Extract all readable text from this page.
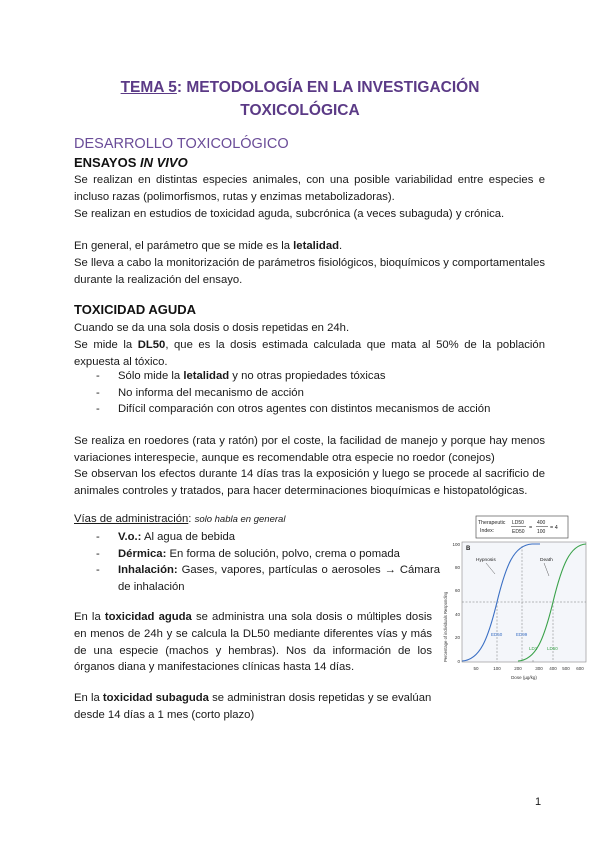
TEMA 5: METODOLOGÍA EN LA INVESTIGACIÓN
TOXICOLÓGICA
DESARROLLO TOXICOLÓGICO
ENSAYOS IN VIVO
Se realizan en distintas especies animales, con una posible variabilidad entre especies e incluso razas (polimorfismos, rutas y enzimas metabolizadoras).
Se realizan en estudios de toxicidad aguda, subcrónica (a veces subaguda) y crónica.
En general, el parámetro que se mide es la letalidad.
Se lleva a cabo la monitorización de parámetros fisiológicos, bioquímicos y comportamentales durante la realización del ensayo.
TOXICIDAD AGUDA
Cuando se da una sola dosis o dosis repetidas en 24h.
Se mide la DL50, que es la dosis estimada calculada que mata al 50% de la población expuesta al tóxico.
- Sólo mide la letalidad y no otras propiedades tóxicas
- No informa del mecanismo de acción
- Difícil comparación con otros agentes con distintos mecanismos de acción
Se realiza en roedores (rata y ratón) por el coste, la facilidad de manejo y porque hay menos variaciones interespecie, aunque es recomendable otra especie no roedor (conejos)
Se observan los efectos durante 14 días tras la exposición y luego se procede al sacrificio de animales controles y tratados, para hacer determinaciones bioquímicas e histopatológicas.
Vías de administración: solo habla en general
- V.o.: Al agua de bebida
- Dérmica: En forma de solución, polvo, crema o pomada
- Inhalación: Gases, vapores, partículas o aerosoles → Cámara de inhalación
En la toxicidad aguda se administra una sola dosis o múltiples dosis en menos de 24h y se calcula la DL50 mediante diferentes vías y más de una especie (machos y hembras). Nos da información de los órganos diana y manifestaciones clínicas hasta 14 días.
En la toxicidad subaguda se administran dosis repetidas y se evalúan desde 14 días a 1 mes (corto plazo)
Therapeutic
Index:
LD50
ED50
=
400
100
= 4
B
100
80
60
40
20
0
Percentage of individuals Responding
50	100	200	300 400 500 600
Dose (µg/kg)
Hypnosis	Death
ED50	ED99
LD1 LD50
1
